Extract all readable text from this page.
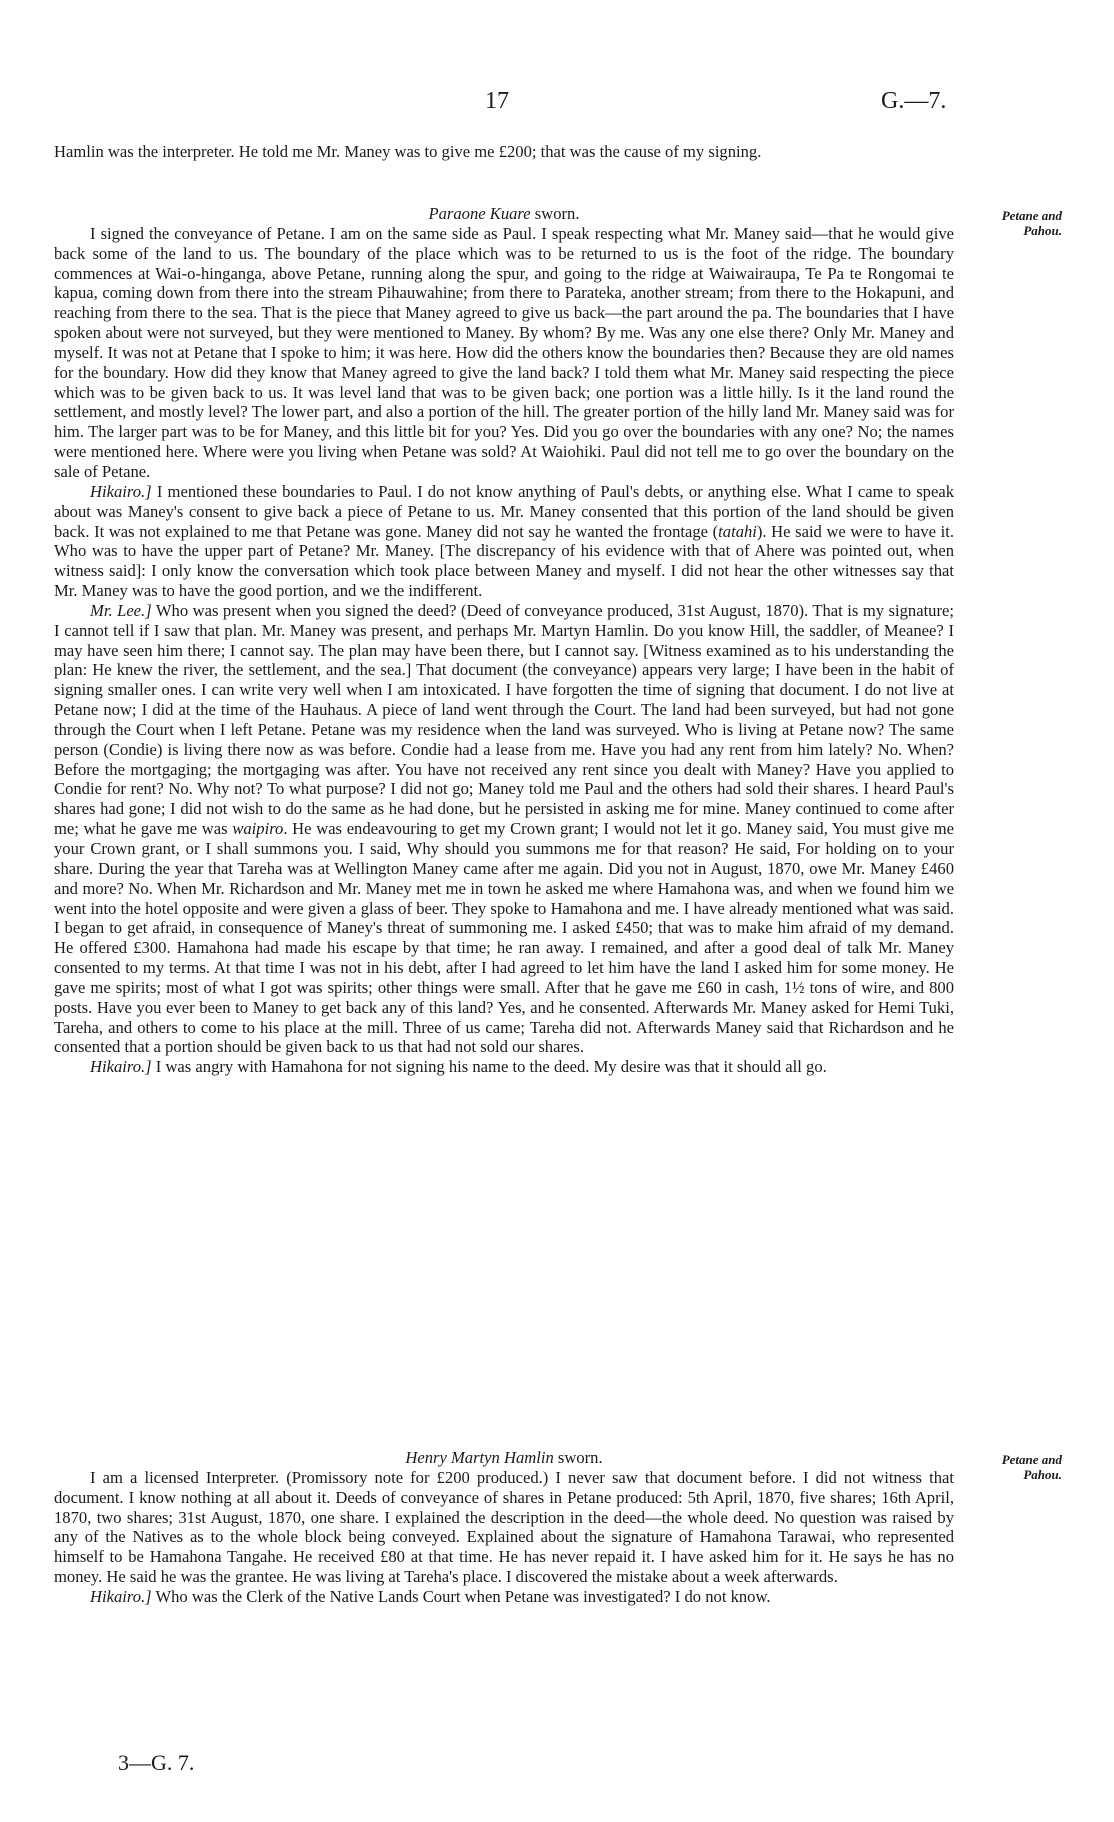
17	G.—7.

Hamlin was the interpreter. He told me Mr. Maney was to give me £200; that was the cause of my signing.

Petane and Pahou.

Paraone Kuare sworn.

I signed the conveyance of Petane. I am on the same side as Paul. I speak respecting what Mr. Maney said—that he would give back some of the land to us. The boundary of the place which was to be returned to us is the foot of the ridge. The boundary commences at Wai-o-hinganga, above Petane, running along the spur, and going to the ridge at Waiwairaupa, Te Pa te Rongomai te kapua, coming down from there into the stream Pihauwahine; from there to Parateka, another stream; from there to the Hokapuni, and reaching from there to the sea. That is the piece that Maney agreed to give us back—the part around the pa. The boundaries that I have spoken about were not surveyed, but they were mentioned to Maney. By whom? By me. Was any one else there? Only Mr. Maney and myself. It was not at Petane that I spoke to him; it was here. How did the others know the boundaries then? Because they are old names for the boundary. How did they know that Maney agreed to give the land back? I told them what Mr. Maney said respecting the piece which was to be given back to us. It was level land that was to be given back; one portion was a little hilly. Is it the land round the settlement, and mostly level? The lower part, and also a portion of the hill. The greater portion of the hilly land Mr. Maney said was for him. The larger part was to be for Maney, and this little bit for you? Yes. Did you go over the boundaries with any one? No; the names were mentioned here. Where were you living when Petane was sold? At Waiohiki. Paul did not tell me to go over the boundary on the sale of Petane.

Hikairo.] I mentioned these boundaries to Paul. I do not know anything of Paul's debts, or anything else. What I came to speak about was Maney's consent to give back a piece of Petane to us. Mr. Maney consented that this portion of the land should be given back. It was not explained to me that Petane was gone. Maney did not say he wanted the frontage (tatahi). He said we were to have it. Who was to have the upper part of Petane? Mr. Maney. [The discrepancy of his evidence with that of Ahere was pointed out, when witness said]: I only know the conversation which took place between Maney and myself. I did not hear the other witnesses say that Mr. Maney was to have the good portion, and we the indifferent.

Mr. Lee.] Who was present when you signed the deed? (Deed of conveyance produced, 31st August, 1870). That is my signature; I cannot tell if I saw that plan. Mr. Maney was present, and perhaps Mr. Martyn Hamlin. Do you know Hill, the saddler, of Meanee? I may have seen him there; I cannot say. The plan may have been there, but I cannot say. [Witness examined as to his understanding the plan: He knew the river, the settlement, and the sea.] That document (the conveyance) appears very large; I have been in the habit of signing smaller ones. I can write very well when I am intoxicated. I have forgotten the time of signing that document. I do not live at Petane now; I did at the time of the Hauhaus. A piece of land went through the Court. The land had been surveyed, but had not gone through the Court when I left Petane. Petane was my residence when the land was surveyed. Who is living at Petane now? The same person (Condie) is living there now as was before. Condie had a lease from me. Have you had any rent from him lately? No. When? Before the mortgaging; the mortgaging was after. You have not received any rent since you dealt with Maney? Have you applied to Condie for rent? No. Why not? To what purpose? I did not go; Maney told me Paul and the others had sold their shares. I heard Paul's shares had gone; I did not wish to do the same as he had done, but he persisted in asking me for mine. Maney continued to come after me; what he gave me was waipiro. He was endeavouring to get my Crown grant; I would not let it go. Maney said, You must give me your Crown grant, or I shall summons you. I said, Why should you summons me for that reason? He said, For holding on to your share. During the year that Tareha was at Wellington Maney came after me again. Did you not in August, 1870, owe Mr. Maney £460 and more? No. When Mr. Richardson and Mr. Maney met me in town he asked me where Hamahona was, and when we found him we went into the hotel opposite and were given a glass of beer. They spoke to Hamahona and me. I have already mentioned what was said. I began to get afraid, in consequence of Maney's threat of summoning me. I asked £450; that was to make him afraid of my demand. He offered £300. Hamahona had made his escape by that time; he ran away. I remained, and after a good deal of talk Mr. Maney consented to my terms. At that time I was not in his debt, after I had agreed to let him have the land I asked him for some money. He gave me spirits; most of what I got was spirits; other things were small. After that he gave me £60 in cash, 1½ tons of wire, and 800 posts. Have you ever been to Maney to get back any of this land? Yes, and he consented. Afterwards Mr. Maney asked for Hemi Tuki, Tareha, and others to come to his place at the mill. Three of us came; Tareha did not. Afterwards Maney said that Richardson and he consented that a portion should be given back to us that had not sold our shares.

Hikairo.] I was angry with Hamahona for not signing his name to the deed. My desire was that it should all go.

Petane and Pahou.

Henry Martyn Hamlin sworn.

I am a licensed Interpreter. (Promissory note for £200 produced.) I never saw that document before. I did not witness that document. I know nothing at all about it. Deeds of conveyance of shares in Petane produced: 5th April, 1870, five shares; 16th April, 1870, two shares; 31st August, 1870, one share. I explained the description in the deed—the whole deed. No question was raised by any of the Natives as to the whole block being conveyed. Explained about the signature of Hamahona Tarawai, who represented himself to be Hamahona Tangahe. He received £80 at that time. He has never repaid it. I have asked him for it. He says he has no money. He said he was the grantee. He was living at Tareha's place. I discovered the mistake about a week afterwards.

Hikairo.] Who was the Clerk of the Native Lands Court when Petane was investigated? I do not know.

3—G. 7.
